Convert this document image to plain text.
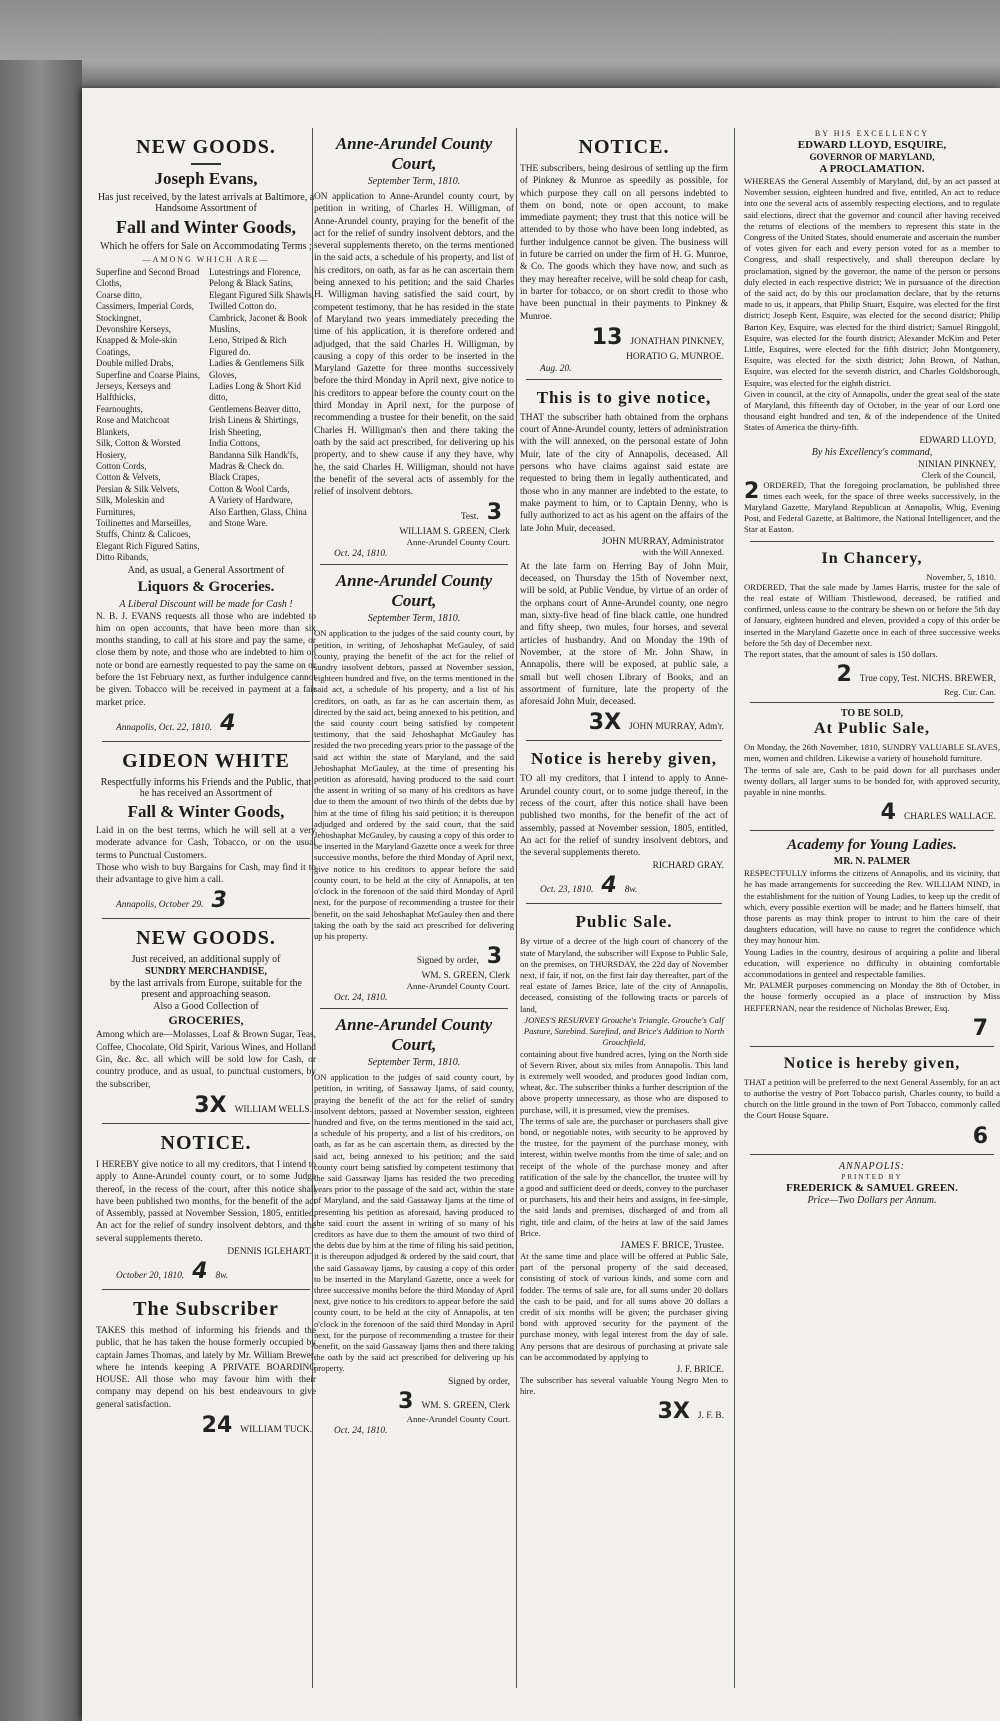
NEW GOODS.
Joseph Evans,

Has just received, by the latest arrivals at Baltimore, a Handsome Assortment of

Fall and Winter Goods,

Which he offers for Sale on Accommodating Terms ;

—AMONG WHICH ARE—
Superfine and Second Broad Cloths,
Coarse ditto,
Cassimers, Imperial Cords, Stockingnet,
Devonshire Kerseys,
Knapped & Mole-skin Coatings,
Double milled Drabs,
Superfine and Coarse Plains,
Jerseys, Kerseys and Halfthicks,
Fearnoughts,
Rose and Matchcoat Blankets,
Silk, Cotton & Worsted Hosiery,
Cotton Cords,
Cotton & Velvets,
Persian & Silk Velvets,
Silk, Moleskin and Furnitures,
Toilinettes and Marseilles,
Stuffs, Chintz & Calicoes,
Elegant Rich Figured Satins,
Ditto Ribands,
Lutestrings and Florence,
Pelong & Black Satins,
Elegant Figured Silk Shawls,
Twilled Cotton do.
Cambrick, Jaconet & Book Muslins,
Leno, Striped & Rich Figured do.
Ladies & Gentlemens Silk Gloves,
Ladies Long & Short Kid ditto,
Gentlemens Beaver ditto,
Irish Linens & Shirtings,
Irish Sheeting,
India Cottons,
Bandanna Silk Handk'fs,
Madras & Check do.
Black Crapes,
Cotton & Wool Cards,
A Variety of Hardware,
Also Earthen, Glass, China and Stone Ware.

And, as usual, a General Assortment of

Liquors & Groceries.

A Liberal Discount will be made for Cash !

N. B. J. EVANS requests all those who are indebted to him on open accounts, that have been more than six months standing, to call at his store and pay the same, or close them by note, and those who are indebted to him on note or bond are earnestly requested to pay the same on or before the 1st February next, as further indulgence cannot be given. Tobacco will be received in payment at a fair market price.

Annapolis, Oct. 22, 1810. 4
GIDEON WHITE

Respectfully informs his Friends and the Public, that he has received an Assortment of

Fall & Winter Goods,

Laid in on the best terms, which he will sell at a very moderate advance for Cash, Tobacco, or on the usual terms to Punctual Customers.

Those who wish to buy Bargains for Cash, may find it to their advantage to give him a call.

Annapolis, October 29. 3
NEW GOODS.

Just received, an additional supply of

SUNDRY MERCHANDISE,

by the last arrivals from Europe, suitable for the present and approaching season.

Also a Good Collection of

GROCERIES,

Among which are—Molasses, Loaf & Brown Sugar, Teas, Coffee, Chocolate, Old Spirit, Various Wines, and Holland Gin, &c. &c. all which will be sold low for Cash, or country produce, and as usual, to punctual customers, by the subscriber,

3X WILLIAM WELLS.
NOTICE.

I HEREBY give notice to all my creditors, that I intend to apply to Anne-Arundel county court, or to some Judge thereof, in the recess of the court, after this notice shall have been published two months, for the benefit of the act of Assembly, passed at November Session, 1805, entitled, An act for the relief of sundry insolvent debtors, and the several supplements thereto.

DENNIS IGLEHART.
October 20, 1810. 4 8w.
The Subscriber

TAKES this method of informing his friends and the public, that he has taken the house formerly occupied by captain James Thomas, and lately by Mr. William Brewer, where he intends keeping A PRIVATE BOARDING HOUSE. All those who may favour him with their company may depend on his best endeavours to give general satisfaction.

24 WILLIAM TUCK.
Anne-Arundel County Court,
September Term, 1810.

ON application to Anne-Arundel county court, by petition in writing, of Charles H. Willigman, of Anne-Arundel county, praying for the benefit of the act for the relief of sundry insolvent debtors, and the several supplements thereto, on the terms mentioned in the said acts, a schedule of his property, and list of his creditors, on oath, as far as he can ascertain them being annexed to his petition; and the said Charles H. Willigman having satisfied the said court, by competent testimony, that he has resided in the state of Maryland two years immediately preceding the time of his application, it is therefore ordered and adjudged, that the said Charles H. Willigman, by causing a copy of this order to be inserted in the Maryland Gazette for three months successively before the third Monday in April next, give notice to his creditors to appear before the county court on the third Monday in April next, for the purpose of recommending a trustee for their benefit, on the said Charles H. Willigman's then and there taking the oath by the said act prescribed, for delivering up his property, and to shew cause if any they have, why he, the said Charles H. Willigman, should not have the benefit of the several acts of assembly for the relief of insolvent debtors.

Test. 3
WILLIAM S. GREEN, Clerk
Anne-Arundel County Court.
Oct. 24, 1810.
Anne-Arundel County Court,
September Term, 1810.

ON application to the judges of the said county court, by petition, in writing, of Jehoshaphat McGauley, of said county, praying the benefit of the act for the relief of sundry insolvent debtors, passed at November session, eighteen hundred and five, on the terms mentioned in the said act, a schedule of his property, and a list of his creditors, on oath, as far as he can ascertain them, as directed by the said act, being annexed to his petition, and the said county court being satisfied by competent testimony, that the said Jehoshaphat McGauley has resided the two preceding years prior to the passage of the said act within the state of Maryland, and the said Jehoshaphat McGauley, at the time of presenting his petition as aforesaid, having produced to the said court the assent in writing of so many of his creditors as have due to them the amount of two thirds of the debts due by him at the time of filing his said petition; it is thereupon adjudged and ordered by the said court, that the said Jehoshaphat McGauley, by causing a copy of this order to be inserted in the Maryland Gazette once a week for three successive months, before the third Monday of April next, give notice to his creditors to appear before the said county court, to be held at the city of Annapolis, at ten o'clock in the forenoon of the said third Monday of April next, for the purpose of recommending a trustee for their benefit, on the said Jehoshaphat McGauley then and there taking the oath by the said act prescribed for delivering up his property.

Signed by order, 3
WM. S. GREEN, Clerk
Anne-Arundel County Court.
Oct. 24, 1810.
Anne-Arundel County Court,
September Term, 1810.

ON application to the judges of said county court, by petition, in writing, of Sassaway Ijams, of said county, praying the benefit of the act for the relief of sundry insolvent debtors, passed at November session, eighteen hundred and five, on the terms mentioned in the said act, a schedule of his property, and a list of his creditors, on oath, as far as he can ascertain them, as directed by the said act, being annexed to his petition; and the said county court being satisfied by competent testimony that the said Gassaway Ijams has resided the two preceding years prior to the passage of the said act, within the state of Maryland, and the said Gassaway Ijams at the time of presenting his petition as aforesaid, having produced to the said court the assent in writing of so many of his creditors as have due to them the amount of two third of the debts due by him at the time of filing his said petition, it is thereupon adjudged & ordered by the said court, that the said Gassaway Ijams, by causing a copy of this order to be inserted in the Maryland Gazette, once a week for three successive months before the third Monday of April next, give notice to his creditors to appear before the said county court, to be held at the city of Annapolis, at ten o'clock in the forenoon of the said third Monday in April next, for the purpose of recommending a trustee for their benefit, on the said Gassaway Ijams then and there taking the oath by the said act prescribed for delivering up his property.

Signed by order,
3 WM. S. GREEN, Clerk
Anne-Arundel County Court.
Oct. 24, 1810.
NOTICE.

THE subscribers, being desirous of settling up the firm of Pinkney & Munroe as speedily as possible, for which purpose they call on all persons indebted to them on bond, note or open account, to make immediate payment; they trust that this notice will be attended to by those who have been long indebted, as further indulgence cannot be given. The business will in future be carried on under the firm of H. G. Munroe, & Co. The goods which they have now, and such as they may hereafter receive, will be sold cheap for cash, in barter for tobacco, or on short credit to those who have been punctual in their payments to Pinkney & Munroe.

13 JONATHAN PINKNEY,
HORATIO G. MUNROE.
Aug. 20.
This is to give notice,

THAT the subscriber hath obtained from the orphans court of Anne-Arundel county, letters of administration with the will annexed, on the personal estate of John Muir, late of the city of Annapolis, deceased. All persons who have claims against said estate are requested to bring them in legally authenticated, and those who in any manner are indebted to the estate, to make payment to him, or to Captain Denny, who is fully authorized to act as his agent on the affairs of the late John Muir, deceased.

JOHN MURRAY, Administrator
with the Will Annexed.

At the late farm on Herring Bay of John Muir, deceased, on Thursday the 15th of November next, will be sold, at Public Vendue, by virtue of an order of the orphans court of Anne-Arundel county, one negro man, sixty-five head of fine black cattle, one hundred and fifty sheep, two mules, four horses, and several articles of husbandry. And on Monday the 19th of November, at the store of Mr. John Shaw, in Annapolis, there will be exposed, at public sale, a small but well chosen Library of Books, and an assortment of furniture, late the property of the aforesaid John Muir, deceased.

3X JOHN MURRAY, Adm'r.
Notice is hereby given,

TO all my creditors, that I intend to apply to Anne-Arundel county court, or to some judge thereof, in the recess of the court, after this notice shall have been published two months, for the benefit of the act of assembly, passed at November session, 1805, entitled, An act for the relief of sundry insolvent debtors, and the several supplements thereto.

RICHARD GRAY.
Oct. 23, 1810. 4 8w.
Public Sale.

By virtue of a decree of the high court of chancery of the state of Maryland, the subscriber will Expose to Public Sale, on the premises, on THURSDAY, the 22d day of November next, if fair, if not, on the first fair day thereafter, part of the real estate of James Brice, late of the city of Annapolis, deceased, consisting of the following tracts or parcels of land,

JONES'S RESURVEY Grouche's Triangle. Grouche's Calf Pasture, Surebind. Surefind, and Brice's Addition to North Grouchfield,

containing about five hundred acres, lying on the North side of Severn River, about six miles from Annapolis. This land is extremely well wooded, and produces good Indian corn, wheat, &c. The subscriber thinks a further description of the above property unnecessary, as those who are disposed to purchase, will, it is presumed, view the premises.

The terms of sale are, the purchaser or purchasers shall give bond, or negotiable notes, with security to be approved by the trustee, for the payment of the purchase money, with interest, within twelve months from the time of sale; and on receipt of the whole of the purchase money and after ratification of the sale by the chancellor, the trustee will by a good and sufficient deed or deeds, convey to the purchaser or purchasers, his and their heirs and assigns, in fee-simple, the said lands and premises, discharged of and from all right, title and claim, of the heirs at law of the said James Brice.

JAMES F. BRICE, Trustee.

At the same time and place will be offered at Public Sale, part of the personal property of the said deceased, consisting of stock of various kinds, and some corn and fodder. The terms of sale are, for all sums under 20 dollars the cash to be paid, and for all sums above 20 dollars a credit of six months will be given; the purchaser giving bond with approved security for the payment of the purchase money, with legal interest from the day of sale. Any persons that are desirous of purchasing at private sale can be accommodated by applying to

J. F. BRICE.

The subscriber has several valuable Young Negro Men to hire.

3X J. F. B.
BY HIS EXCELLENCY
EDWARD LLOYD, ESQUIRE,
GOVERNOR OF MARYLAND,
A PROCLAMATION.

WHEREAS the General Assembly of Maryland, did, by an act passed at November session, eighteen hundred and five, entitled, An act to reduce into one the several acts of assembly respecting elections, and to regulate said elections, direct that the governor and council after having received the returns of elections of the members to represent this state in the Congress of the United States, should enumerate and ascertain the number of votes given for each and every person voted for as a member to Congress, and shall respectively, and shall thereupon declare by proclamation, signed by the governor, the name of the person or persons duly elected in each respective district; We in pursuance of the direction of the said act, do by this our proclamation declare, that by the returns made to us, it appears, that Philip Stuart, Esquire, was elected for the first district; Joseph Kent, Esquire, was elected for the second district; Philip Barton Key, Esquire, was elected for the third district; Samuel Ringgold, Esquire, was elected for the fourth district; Alexander McKim and Peter Little, Esquires, were elected for the fifth district; John Montgomery, Esquire, was elected for the sixth district; John Brown, of Nathan, Esquire, was elected for the seventh district, and Charles Goldsborough, Esquire, was elected for the eighth district.

Given in council, at the city of Annapolis, under the great seal of the state of Maryland, this fifteenth day of October, in the year of our Lord one thousand eight hundred and ten, & of the independence of the United States of America the thirty-fifth.

EDWARD LLOYD,
By his Excellency's command,
NINIAN PINKNEY,
Clerk of the Council,

2 ORDERED, That the foregoing proclamation, be published three times each week, for the space of three weeks successively, in the Maryland Gazette, Maryland Republican at Annapolis, Whig, Evening Post, and Federal Gazette, at Baltimore, the National Intelligencer, and the Star at Easton.

In Chancery,
November, 5, 1810.

ORDERED, That the sale made by James Harris, trustee for the sale of the real estate of William Thistlewood, deceased, be ratified and confirmed, unless cause to the contrary be shewn on or before the 5th day of January, eighteen hundred and eleven, provided a copy of this order be inserted in the Maryland Gazette once in each of three successive weeks before the 5th day of December next.

The report states, that the amount of sales is 150 dollars.

2 True copy, Test. NICHS. BREWER,
Reg. Cur. Can.
TO BE SOLD,
At Public Sale,

On Monday, the 26th November, 1810, SUNDRY VALUABLE SLAVES, men, women and children. Likewise a variety of household furniture.

The terms of sale are, Cash to be paid down for all purchases under twenty dollars, all larger sums to be bonded for, with approved security, payable in nine months.

4 CHARLES WALLACE.
Academy for Young Ladies.
MR. N. PALMER

RESPECTFULLY informs the citizens of Annapolis, and its vicinity, that he has made arrangements for succeeding the Rev. WILLIAM NIND, in the establishment for the tuition of Young Ladies, to keep up the credit of which, every possible exertion will be made; and he flatters himself, that those parents as may think proper to intrust to him the care of their daughters education, will have no cause to regret the confidence which they may honour him.

Young Ladies in the country, desirous of acquiring a polite and liberal education, will experience no difficulty in obtaining comfortable accommodations in genteel and respectable families.

Mr. PALMER purposes commencing on Monday the 8th of October, in the house formerly occupied as a place of instruction by Miss HEFFERNAN, near the residence of Nicholas Brewer, Esq.

7
Notice is hereby given,

THAT a petition will be preferred to the next General Assembly, for an act to authorise the vestry of Port Tobacco parish, Charles county, to build a church on the little ground in the town of Port Tobacco, commonly called the Court House Square.

6
ANNAPOLIS:
PRINTED BY
FREDERICK & SAMUEL GREEN.
Price—Two Dollars per Annum.
